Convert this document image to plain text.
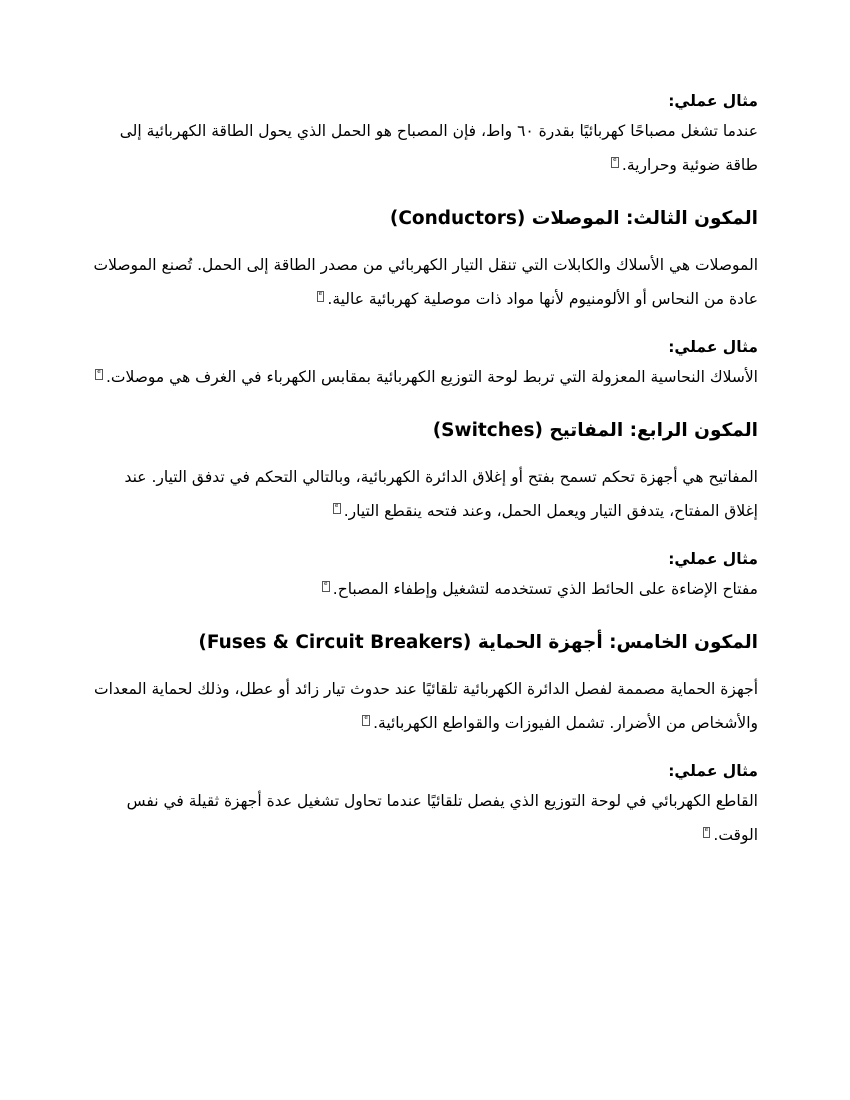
مثال عملي:
عندما تشغل مصباحًا كهربائيًا بقدرة ٦٠ واط، فإن المصباح هو الحمل الذي يحول الطاقة الكهربائية إلى طاقة ضوئية وحرارية.ᵉ
المكون الثالث: الموصلات (Conductors)
الموصلات هي الأسلاك والكابلات التي تنقل التيار الكهربائي من مصدر الطاقة إلى الحمل. تُصنع الموصلات عادة من النحاس أو الألومنيوم لأنها مواد ذات موصلية كهربائية عالية.ᵉ
مثال عملي:
الأسلاك النحاسية المعزولة التي تربط لوحة التوزيع الكهربائية بمقابس الكهرباء في الغرف هي موصلات.ᵉ
المكون الرابع: المفاتيح (Switches)
المفاتيح هي أجهزة تحكم تسمح بفتح أو إغلاق الدائرة الكهربائية، وبالتالي التحكم في تدفق التيار. عند إغلاق المفتاح، يتدفق التيار ويعمل الحمل، وعند فتحه ينقطع التيار.ᵉ
مثال عملي:
مفتاح الإضاءة على الحائط الذي تستخدمه لتشغيل وإطفاء المصباح.ᵉ
المكون الخامس: أجهزة الحماية (Fuses & Circuit Breakers)
أجهزة الحماية مصممة لفصل الدائرة الكهربائية تلقائيًا عند حدوث تيار زائد أو عطل، وذلك لحماية المعدات والأشخاص من الأضرار. تشمل الفيوزات والقواطع الكهربائية.ᵉ
مثال عملي:
القاطع الكهربائي في لوحة التوزيع الذي يفصل تلقائيًا عندما تحاول تشغيل عدة أجهزة ثقيلة في نفس الوقت.ᵉ
